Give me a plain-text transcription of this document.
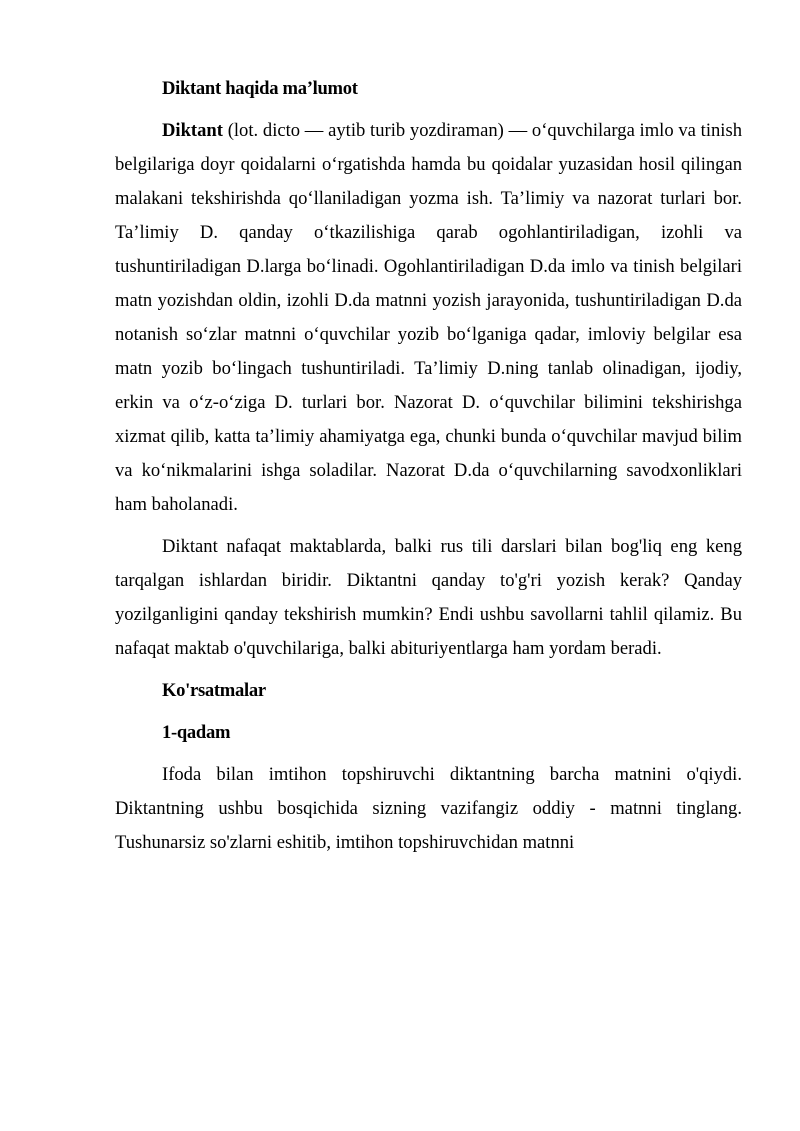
Diktant haqida ma’lumot

Diktant (lot. dicto — aytib turib yozdiraman) — o‘quvchilarga imlo va tinish belgilariga doyr qoidalarni o‘rgatishda hamda bu qoidalar yuzasidan hosil qilingan malakani tekshirishda qo‘llaniladigan yozma ish. Ta’limiy va nazorat turlari bor. Ta’limiy D. qanday o‘tkazilishiga qarab ogohlantiriladigan, izohli va tushuntiriladigan D.larga bo‘linadi. Ogohlantiriladigan D.da imlo va tinish belgilari matn yozishdan oldin, izohli D.da matnni yozish jarayonida, tushuntiriladigan D.da notanish so‘zlar matnni o‘quvchilar yozib bo‘lganiga qadar, imloviy belgilar esa matn yozib bo‘lingach tushuntiriladi. Ta’limiy D.ning tanlab olinadigan, ijodiy, erkin va o‘z-o‘ziga D. turlari bor. Nazorat D. o‘quvchilar bilimini tekshirishga xizmat qilib, katta ta’limiy ahamiyatga ega, chunki bunda o‘quvchilar mavjud bilim va ko‘nikmalarini ishga soladilar. Nazorat D.da o‘quvchilarning savodxonliklari ham baholanadi.

Diktant nafaqat maktablarda, balki rus tili darslari bilan bog'liq eng keng tarqalgan ishlardan biridir. Diktantni qanday to'g'ri yozish kerak? Qanday yozilganligini qanday tekshirish mumkin? Endi ushbu savollarni tahlil qilamiz. Bu nafaqat maktab o'quvchilariga, balki abituriyentlarga ham yordam beradi.

Ko'rsatmalar

1-qadam

Ifoda bilan imtihon topshiruvchi diktantning barcha matnini o'qiydi. Diktantning ushbu bosqichida sizning vazifangiz oddiy - matnni tinglang. Tushunarsiz so'zlarni eshitib, imtihon topshiruvchidan matnni
